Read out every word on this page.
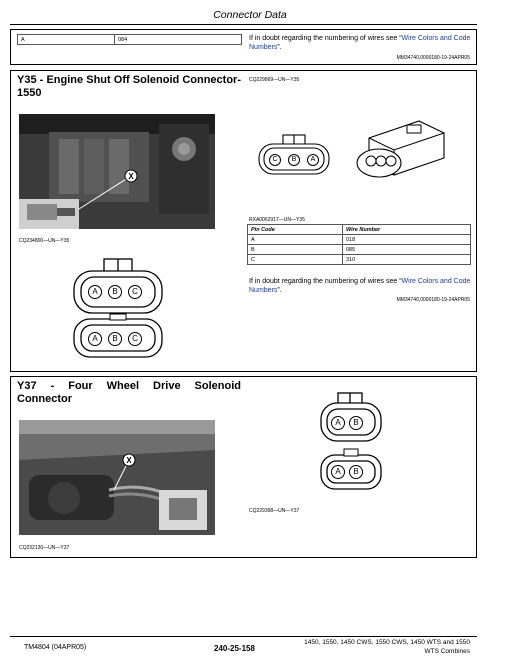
Connector Data
A	084	If in doubt regarding the numbering of wires see “Wire Colors and Code Numbers”.
MM34740,0000180-19-24APR05
Y35 - Engine Shut Off Solenoid Connector-1550
CQ229869—UN—Y35
X
CQ234800—UN—Y35
A	B	C
A	B	C
C	B	A
RXA0062917—UN—Y35
Pin Code	Wire Number
A	018
B	085
C	310
If in doubt regarding the numbering of wires see “Wire Colors and Code Numbers”.
MM34740,0000180-19-24APR05
Y37 - Four Wheel Drive Solenoid Connector
X
CQ232130—UN—Y37
A	B
A	B
CQ229398—UN—Y37
TM4804 (04APR05)	240-25-158
1450, 1550, 1450 CWS, 1550 CWS, 1450 WTS and 1550
WTS Combines
